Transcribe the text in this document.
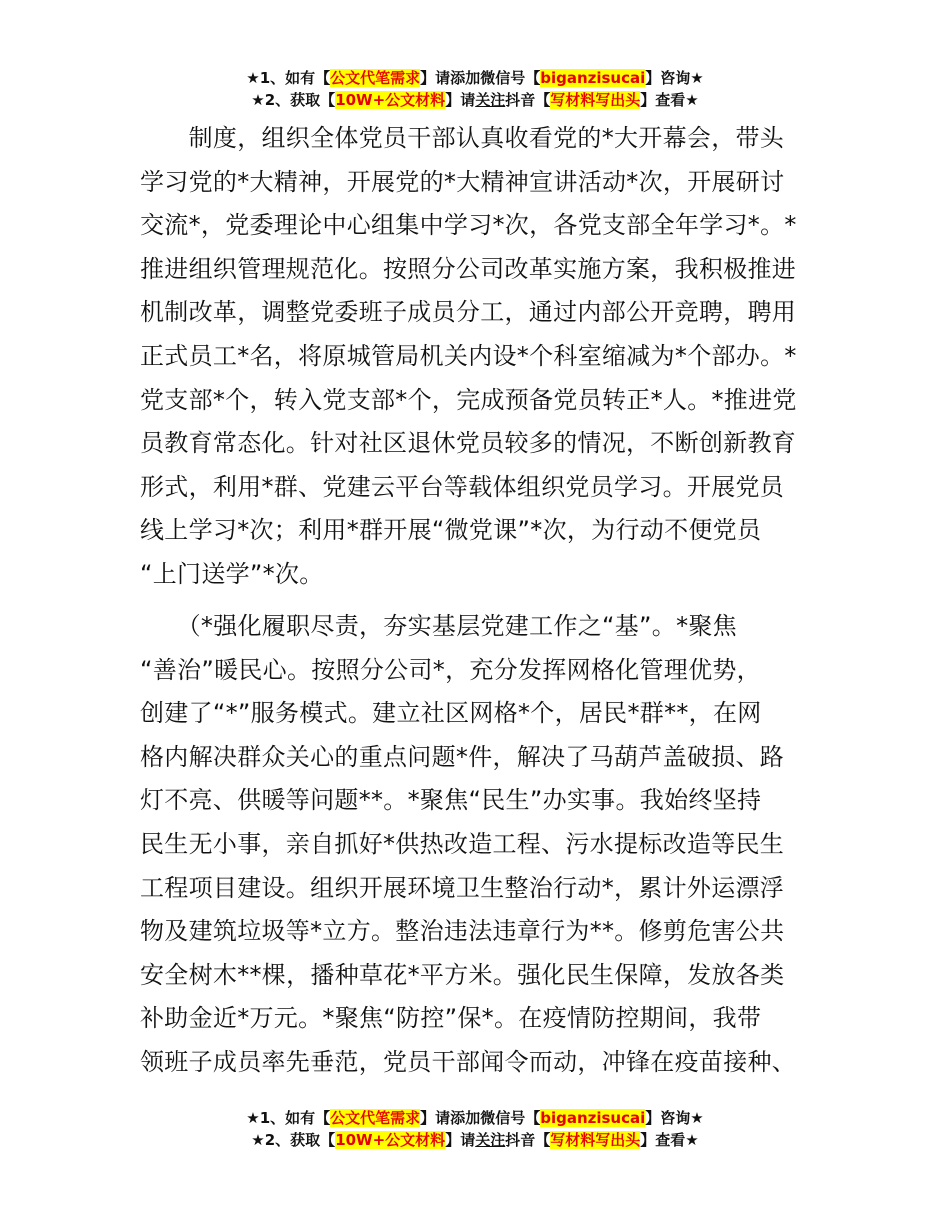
★1、如有【公文代笔需求】请添加微信号【biganzisucai】咨询★
★2、获取【10W+公文材料】请关注抖音【写材料写出头】查看★
　　制度，组织全体党员干部认真收看党的*大开幕会，带头
学习党的*大精神，开展党的*大精神宣讲活动*次，开展研讨
交流*，党委理论中心组集中学习*次，各党支部全年学习*。*
推进组织管理规范化。按照分公司改革实施方案，我积极推进
机制改革，调整党委班子成员分工，通过内部公开竞聘，聘用
正式员工*名，将原城管局机关内设*个科室缩减为*个部办。*
党支部*个，转入党支部*个，完成预备党员转正*人。*推进党
员教育常态化。针对社区退休党员较多的情况，不断创新教育
形式，利用*群、党建云平台等载体组织党员学习。开展党员
线上学习*次；利用*群开展“微党课”*次，为行动不便党员
“上门送学”*次。
　　（*强化履职尽责，夯实基层党建工作之“基”。*聚焦
“善治”暖民心。按照分公司*，充分发挥网格化管理优势，
创建了“*”服务模式。建立社区网格*个，居民*群**，在网
格内解决群众关心的重点问题*件，解决了马葫芦盖破损、路
灯不亮、供暖等问题**。*聚焦“民生”办实事。我始终坚持
民生无小事，亲自抓好*供热改造工程、污水提标改造等民生
工程项目建设。组织开展环境卫生整治行动*，累计外运漂浮
物及建筑垃圾等*立方。整治违法违章行为**。修剪危害公共
安全树木**棵，播种草花*平方米。强化民生保障，发放各类
补助金近*万元。*聚焦“防控”保*。在疫情防控期间，我带
领班子成员率先垂范，党员干部闻令而动，冲锋在疫苗接种、
★1、如有【公文代笔需求】请添加微信号【biganzisucai】咨询★
★2、获取【10W+公文材料】请关注抖音【写材料写出头】查看★
